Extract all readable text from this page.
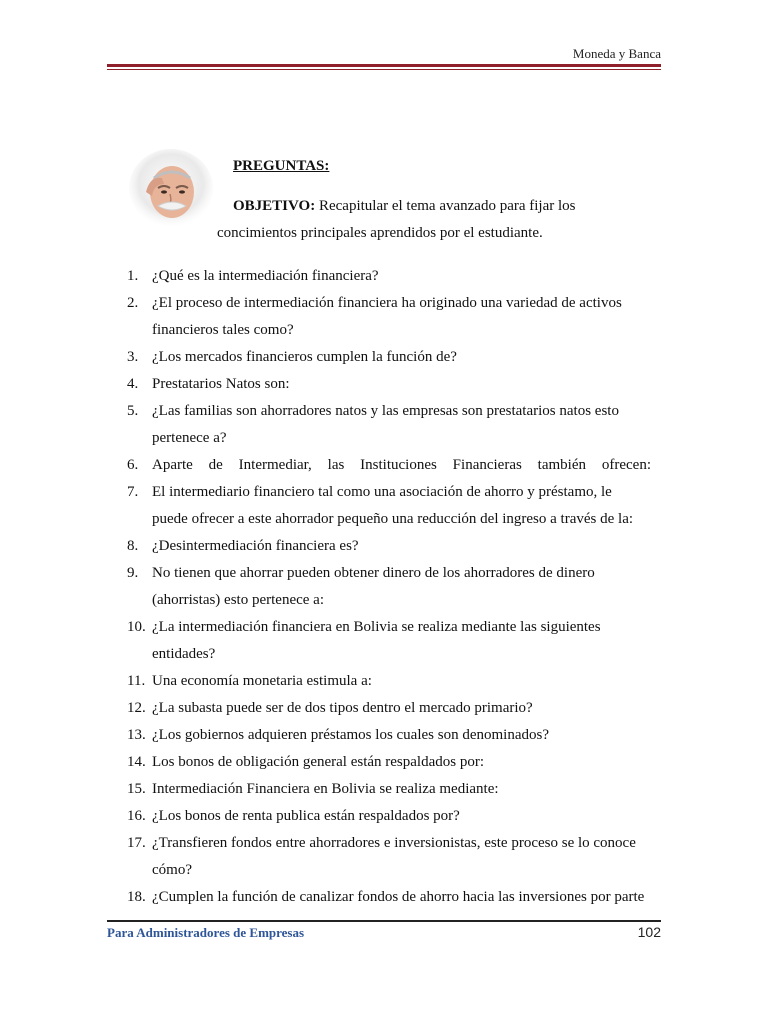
Moneda y Banca
PREGUNTAS:
OBJETIVO: Recapitular el tema avanzado para fijar los
concimientos principales aprendidos por el estudiante.
1. ¿Qué es la intermediación financiera?
2. ¿El proceso de intermediación financiera ha originado una variedad de activos financieros tales como?
3. ¿Los mercados financieros cumplen la función de?
4. Prestatarios Natos son:
5. ¿Las familias son ahorradores natos y las empresas son prestatarios natos esto pertenece a?
6. Aparte de Intermediar, las Instituciones Financieras también ofrecen:
7. El intermediario financiero tal como una asociación de ahorro y préstamo, le puede ofrecer a este ahorrador pequeño una reducción del ingreso a través de la:
8. ¿Desintermediación financiera es?
9. No tienen que ahorrar pueden obtener dinero de los ahorradores de dinero (ahorristas) esto pertenece a:
10. ¿La intermediación financiera en Bolivia se realiza mediante las siguientes entidades?
11. Una economía monetaria estimula a:
12. ¿La subasta puede ser de dos tipos dentro el mercado primario?
13. ¿Los gobiernos adquieren préstamos los cuales son denominados?
14. Los bonos de obligación general están respaldados por:
15. Intermediación Financiera en Bolivia se realiza mediante:
16. ¿Los bonos de renta publica están respaldados por?
17. ¿Transfieren fondos entre ahorradores e inversionistas, este proceso se lo conoce cómo?
18. ¿Cumplen la función de canalizar fondos de ahorro hacia las inversiones por parte
Para Administradores de Empresas	102
